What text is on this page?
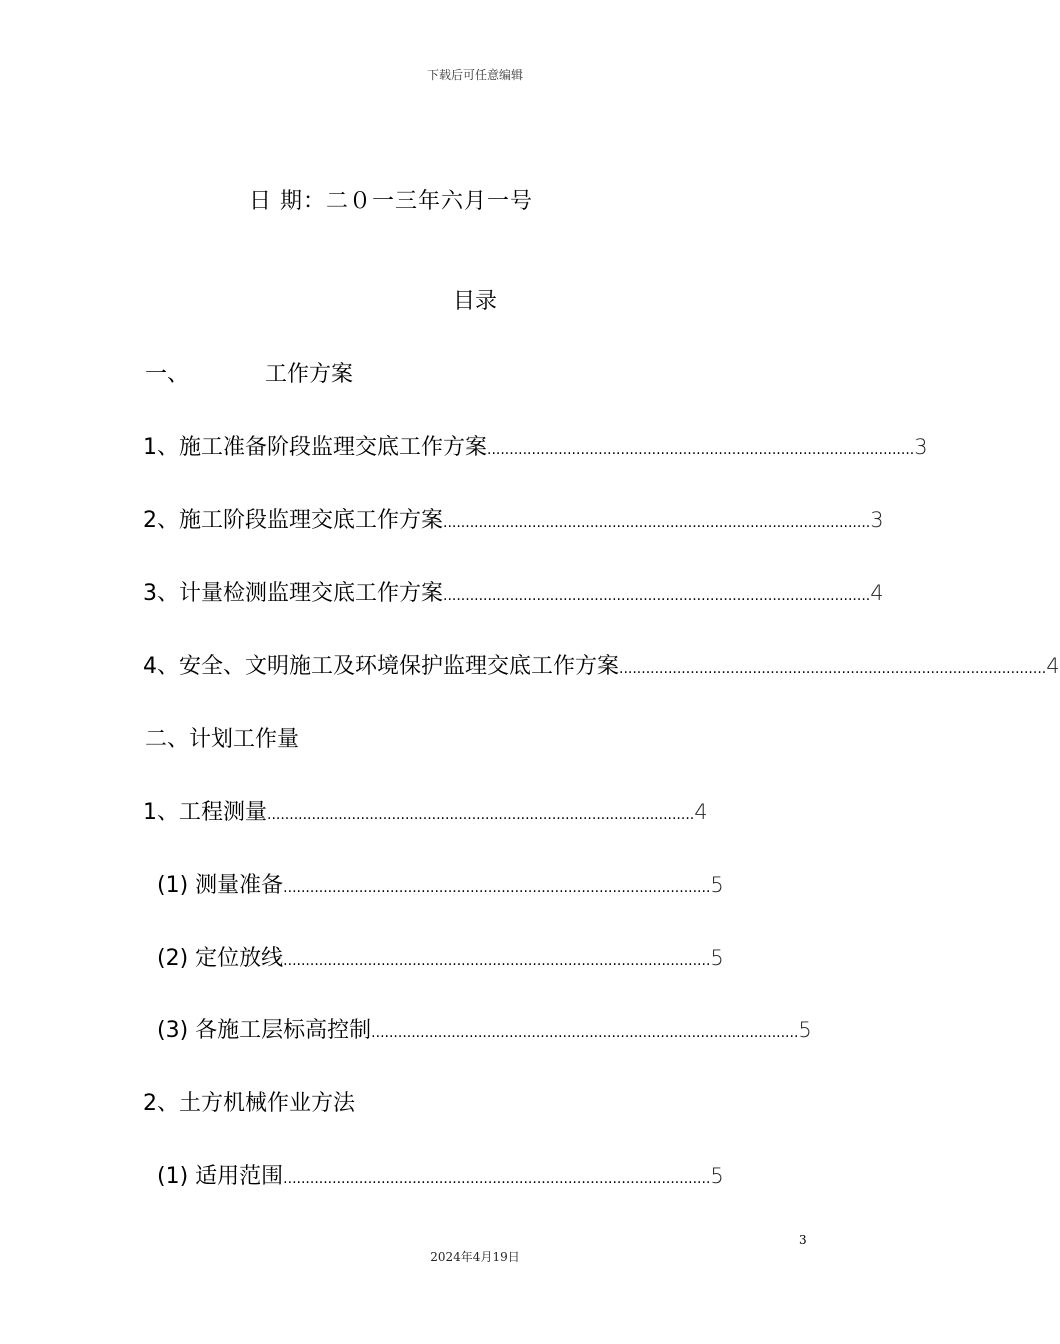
下载后可任意编辑
日 期：二０一三年六月一号
目录
一、	工作方案
1、施工准备阶段监理交底工作方案 ................................................................................................ 3
2、施工阶段监理交底工作方案 ................................................................................................ 3
3、计量检测监理交底工作方案 ................................................................................................ 4
4、安全、文明施工及环境保护监理交底工作方案 ................................................................................................ 4
二、计划工作量
1、工程测量 ................................................................................................ 4
(1) 测量准备 ................................................................................................ 5
(2) 定位放线 ................................................................................................ 5
(3) 各施工层标高控制 ................................................................................................ 5
2、土方机械作业方法
(1) 适用范围 ................................................................................................ 5
3
2024年4月19日
